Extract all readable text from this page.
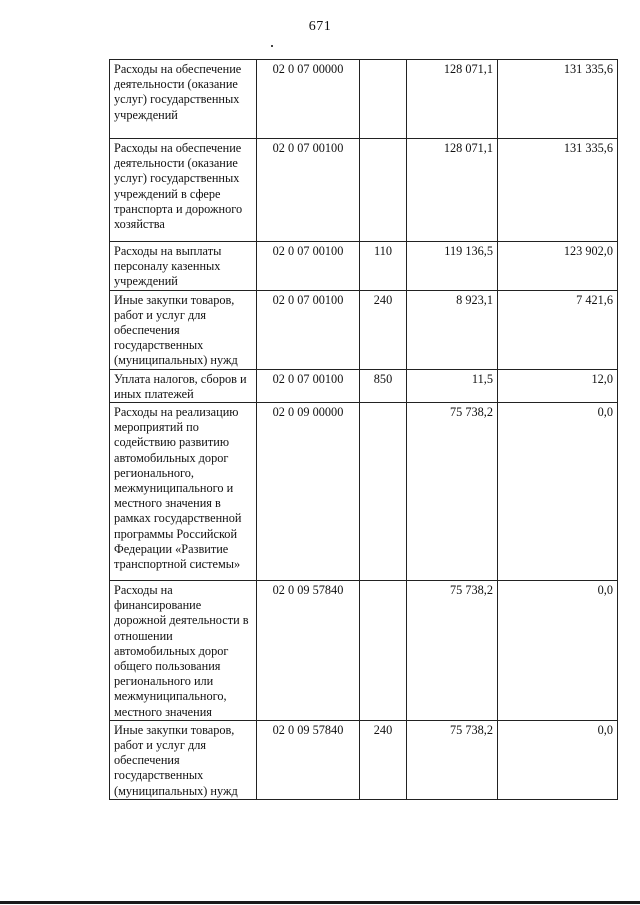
671
Расходы на обеспечение деятельности (оказание услуг) государственных учреждений	02 0 07 00000		128 071,1	131 335,6
Расходы на обеспечение деятельности (оказание услуг) государственных учреждений в сфере транспорта и дорожного хозяйства	02 0 07 00100		128 071,1	131 335,6
Расходы на выплаты персоналу казенных учреждений	02 0 07 00100	110	119 136,5	123 902,0
Иные закупки товаров, работ и услуг для обеспечения государственных (муниципальных) нужд	02 0 07 00100	240	8 923,1	7 421,6
Уплата налогов, сборов и иных платежей	02 0 07 00100	850	11,5	12,0
Расходы на реализацию мероприятий по содействию развитию автомобильных дорог регионального, межмуниципального и местного значения в рамках государственной программы Российской Федерации «Развитие транспортной системы»	02 0 09 00000		75 738,2	0,0
Расходы на финансирование дорожной деятельности в отношении автомобильных дорог общего пользования регионального или межмуниципального, местного значения	02 0 09 57840		75 738,2	0,0
Иные закупки товаров, работ и услуг для обеспечения государственных (муниципальных) нужд	02 0 09 57840	240	75 738,2	0,0
